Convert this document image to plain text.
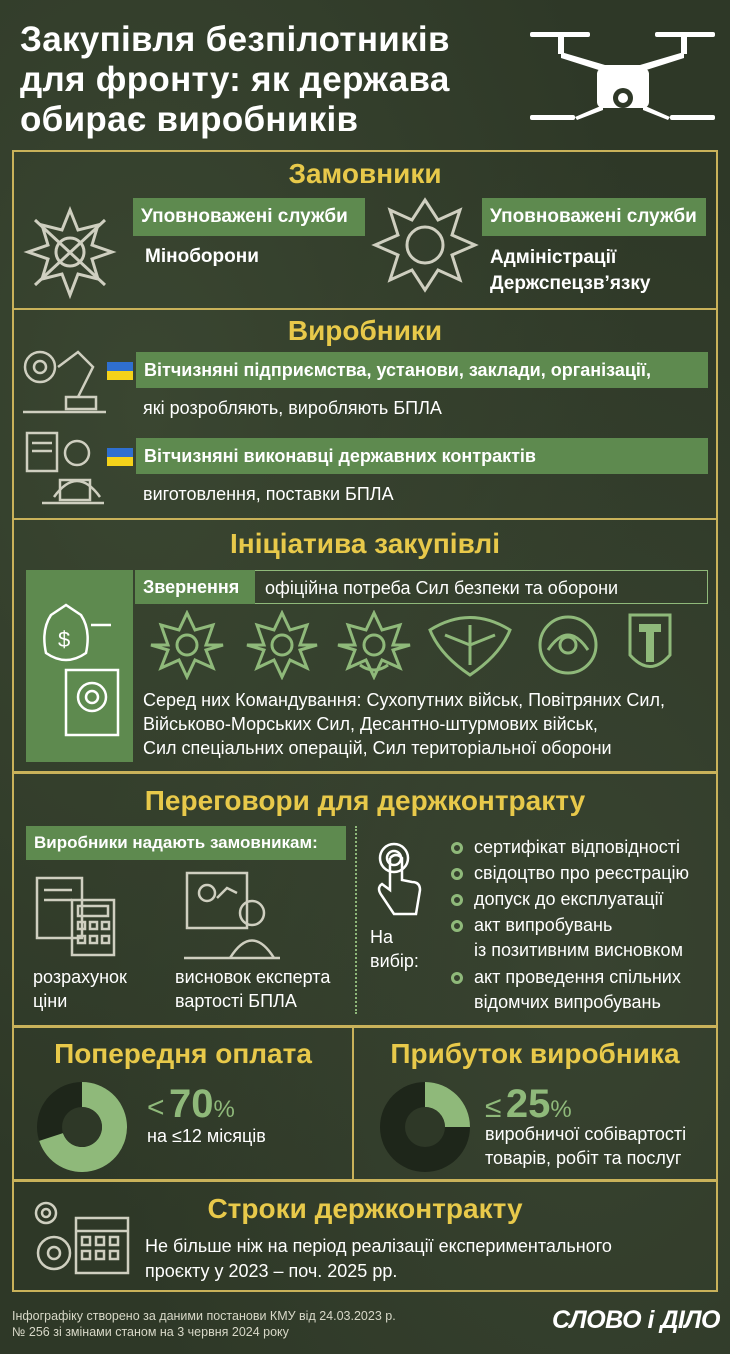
Закупівля безпілотників
для фронту: як держава
обирає виробників
Замовники
Уповноважені служби
Міноборони
Уповноважені служби
Адміністрації
Держспецзв’язку
Виробники
Вітчизняні підприємства, установи, заклади, організації,
які розробляють, виробляють БПЛА
Вітчизняні виконавці державних контрактів
виготовлення, поставки БПЛА
Ініціатива закупівлі
$
Звернення	офіційна потреба Сил безпеки та оборони
Серед них Командування: Сухопутних військ, Повітряних Сил,
Військово-Морських Сил, Десантно-штурмових військ,
Сил спеціальних операцій, Сил територіальної оборони
Переговори для держконтракту
Виробники надають замовникам:
розрахунок
ціни
висновок експерта
вартості БПЛА
На
вибір:
сертифікат відповідності
свідоцтво про реєстрацію
допуск до експлуатації
акт випробувань
із позитивним висновком
акт проведення спільних
відомчих випробувань
Попередня оплата
< 70%
на ≤12 місяців
Прибуток виробника
≤ 25%
виробничої собівартості
товарів, робіт та послуг
Строки держконтракту
Не більше ніж на період реалізації експериментального
проєкту у 2023 – поч. 2025 рр.
Інфографіку створено за даними постанови КМУ від 24.03.2023 р.
№ 256 зі змінами станом на 3 червня 2024 року	СЛОВО і ДІЛО
